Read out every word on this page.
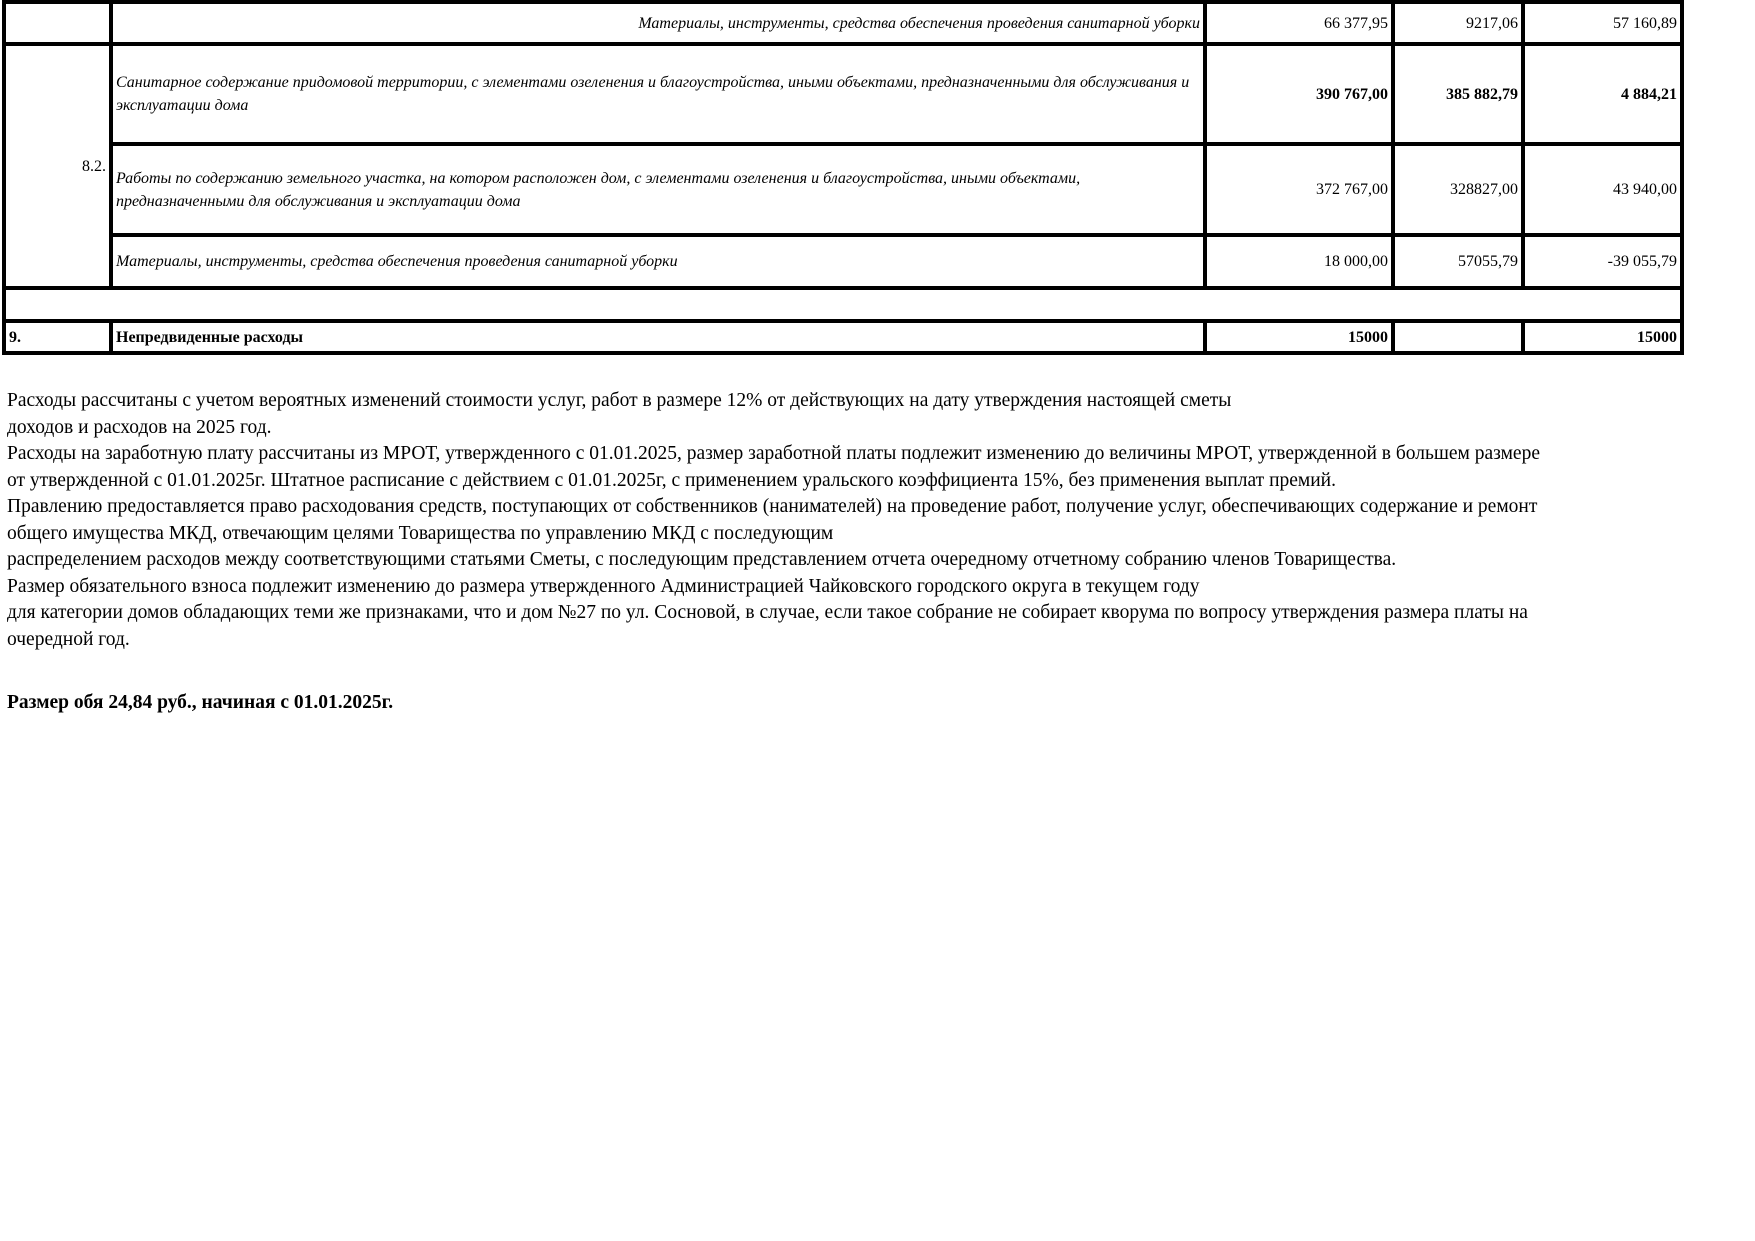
	Материалы, инструменты, средства обеспечения проведения санитарной уборки	66 377,95	9217,06	57 160,89
8.2.	Санитарное содержание придомовой территории, с элементами озеленения и благоустройства, иными объектами, предназначенными для обслуживания и эксплуатации дома	390 767,00	385 882,79	4 884,21
	Работы по содержанию земельного участка, на котором расположен дом, с элементами озеленения и благоустройства, иными объектами, предназначенными для обслуживания и эксплуатации дома	372 767,00	328827,00	43 940,00
	Материалы, инструменты, средства обеспечения проведения санитарной уборки	18 000,00	57055,79	-39 055,79

9.	Непредвиденные расходы	15000		15000
Расходы рассчитаны с учетом вероятных изменений стоимости услуг, работ в размере 12% от действующих на дату утверждения настоящей сметы
доходов и расходов на 2025 год.
Расходы на заработную плату рассчитаны из МРОТ, утвержденного с 01.01.2025, размер заработной платы подлежит изменению до величины МРОТ, утвержденной в большем размере
от утвержденной с 01.01.2025г. Штатное расписание с действием с 01.01.2025г, с применением уральского коэффициента 15%, без применения выплат премий.
Правлению предоставляется право расходования средств, поступающих от собственников (нанимателей) на проведение работ, получение услуг, обеспечивающих содержание и ремонт
общего имущества МКД, отвечающим целями Товарищества по управлению МКД с последующим
распределением расходов между соответствующими статьями Сметы, с последующим представлением отчета очередному отчетному собранию членов Товарищества.
Размер обязательного взноса подлежит изменению до размера утвержденного Администрацией Чайковского городского округа в текущем году
для категории домов обладающих теми же признаками, что и дом №27 по ул. Сосновой, в случае, если такое собрание не собирает кворума по вопросу утверждения размера платы на
очередной год.
Размер обя 24,84 руб., начиная с 01.01.2025г.
